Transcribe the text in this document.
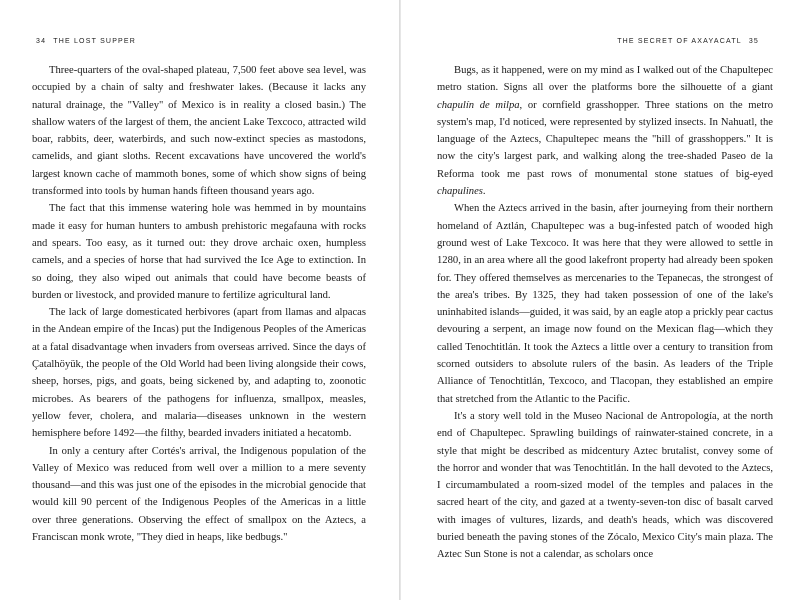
34 THE LOST SUPPER

Three-quarters of the oval-shaped plateau, 7,500 feet above sea level, was occupied by a chain of salty and freshwater lakes. (Because it lacks any natural drainage, the "Valley" of Mexico is in reality a closed basin.) The shallow waters of the largest of them, the ancient Lake Texcoco, attracted wild boar, rabbits, deer, waterbirds, and such now-extinct species as mastodons, camelids, and giant sloths. Recent excavations have uncovered the world's largest known cache of mammoth bones, some of which show signs of being transformed into tools by human hands fifteen thousand years ago.

The fact that this immense watering hole was hemmed in by mountains made it easy for human hunters to ambush prehistoric megafauna with rocks and spears. Too easy, as it turned out: they drove archaic oxen, humpless camels, and a species of horse that had survived the Ice Age to extinction. In so doing, they also wiped out animals that could have become beasts of burden or livestock, and provided manure to fertilize agricultural land.

The lack of large domesticated herbivores (apart from llamas and alpacas in the Andean empire of the Incas) put the Indigenous Peoples of the Americas at a fatal disadvantage when invaders from overseas arrived. Since the days of Çatalhöyük, the people of the Old World had been living alongside their cows, sheep, horses, pigs, and goats, being sickened by, and adapting to, zoonotic microbes. As bearers of the pathogens for influenza, smallpox, measles, yellow fever, cholera, and malaria—diseases unknown in the western hemisphere before 1492—the filthy, bearded invaders initiated a hecatomb.

In only a century after Cortés's arrival, the Indigenous population of the Valley of Mexico was reduced from well over a million to a mere seventy thousand—and this was just one of the episodes in the microbial genocide that would kill 90 percent of the Indigenous Peoples of the Americas in a little over three generations. Observing the effect of smallpox on the Aztecs, a Franciscan monk wrote, "They died in heaps, like bedbugs."

THE SECRET OF AXAYACATL 35

Bugs, as it happened, were on my mind as I walked out of the Chapultepec metro station. Signs all over the platforms bore the silhouette of a giant chapulín de milpa, or cornfield grasshopper. Three stations on the metro system's map, I'd noticed, were represented by stylized insects. In Nahuatl, the language of the Aztecs, Chapultepec means the "hill of grasshoppers." It is now the city's largest park, and walking along the tree-shaded Paseo de la Reforma took me past rows of monumental stone statues of big-eyed chapulines.

When the Aztecs arrived in the basin, after journeying from their northern homeland of Aztlán, Chapultepec was a bug-infested patch of wooded high ground west of Lake Texcoco. It was here that they were allowed to settle in 1280, in an area where all the good lakefront property had already been spoken for. They offered themselves as mercenaries to the Tepanecas, the strongest of the area's tribes. By 1325, they had taken possession of one of the lake's uninhabited islands—guided, it was said, by an eagle atop a prickly pear cactus devouring a serpent, an image now found on the Mexican flag—which they called Tenochtitlán. It took the Aztecs a little over a century to transition from scorned outsiders to absolute rulers of the basin. As leaders of the Triple Alliance of Tenochtitlán, Texcoco, and Tlacopan, they established an empire that stretched from the Atlantic to the Pacific.

It's a story well told in the Museo Nacional de Antropología, at the north end of Chapultepec. Sprawling buildings of rainwater-stained concrete, in a style that might be described as midcentury Aztec brutalist, convey some of the horror and wonder that was Tenochtitlán. In the hall devoted to the Aztecs, I circumambulated a room-sized model of the temples and palaces in the sacred heart of the city, and gazed at a twenty-seven-ton disc of basalt carved with images of vultures, lizards, and death's heads, which was discovered buried beneath the paving stones of the Zócalo, Mexico City's main plaza. The Aztec Sun Stone is not a calendar, as scholars once
